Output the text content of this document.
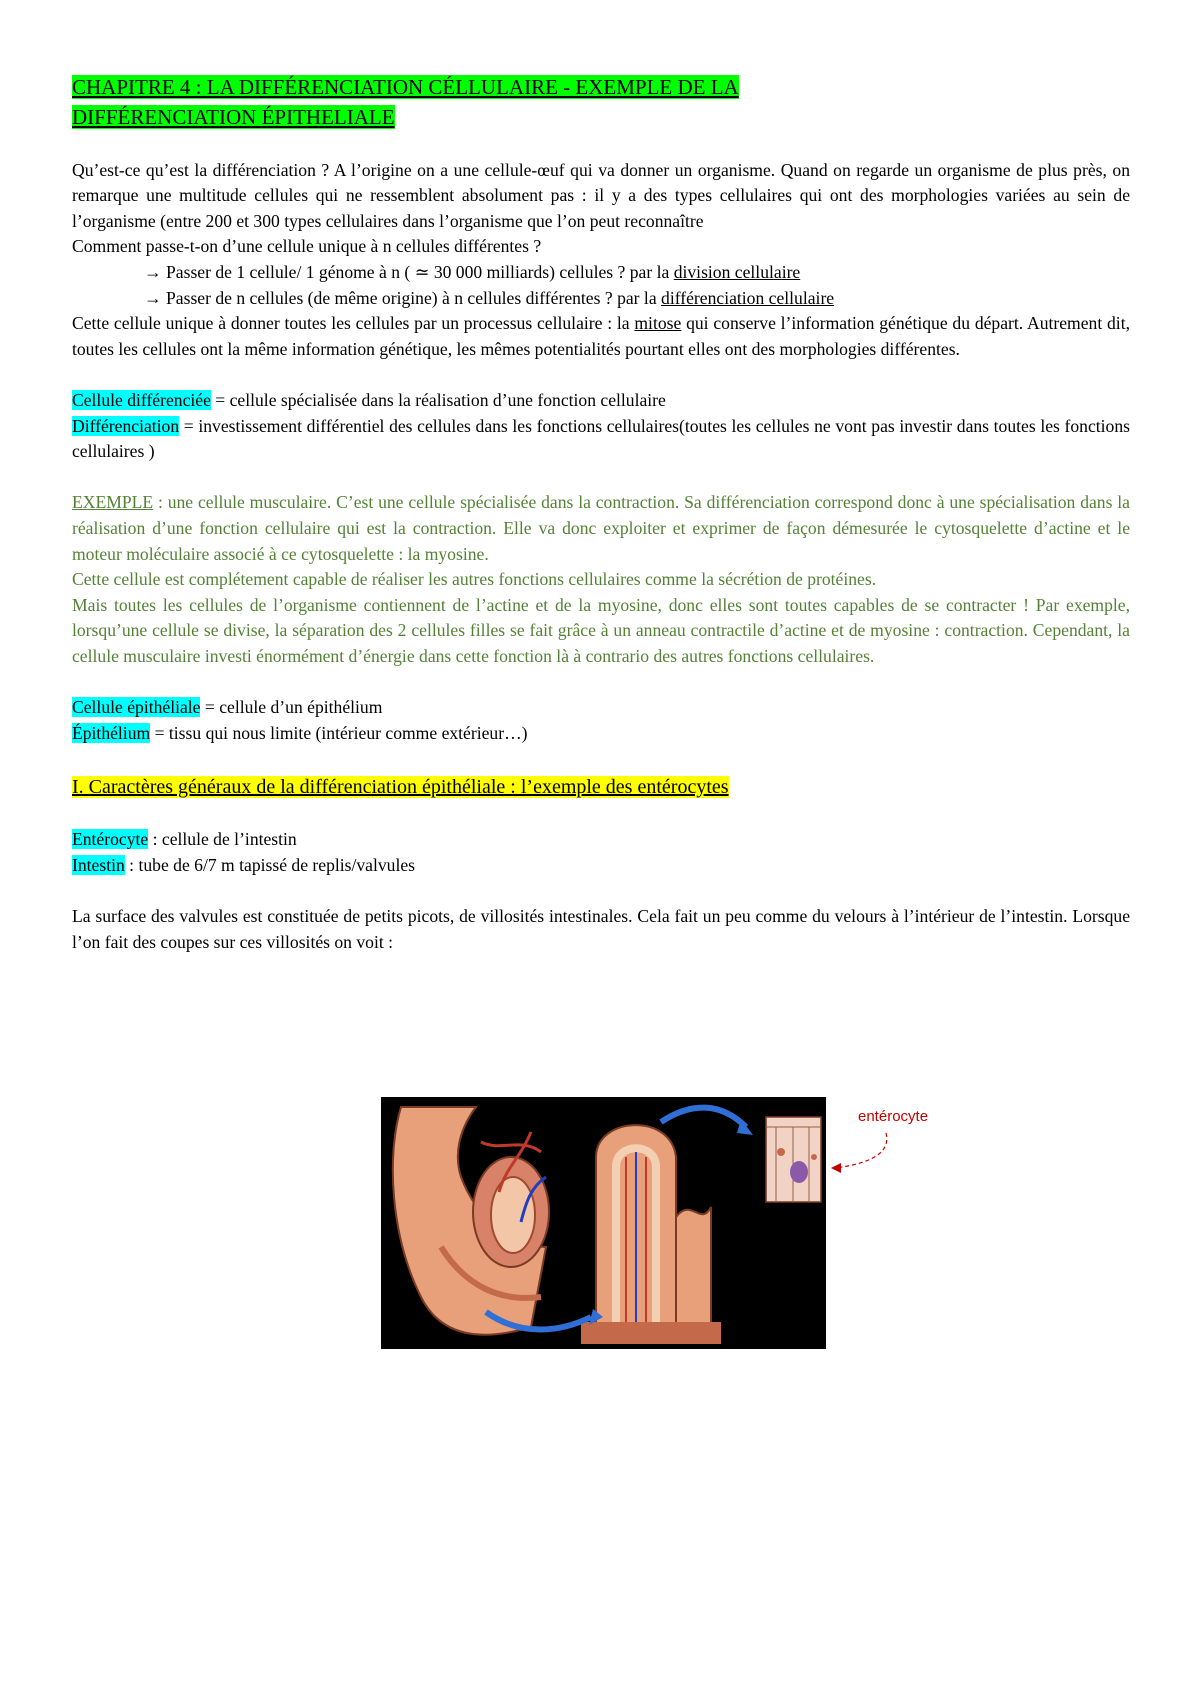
CHAPITRE 4 : LA DIFFÉRENCIATION CÉLLULAIRE - EXEMPLE DE LA
DIFFÉRENCIATION ÉPITHELIALE

Qu’est-ce qu’est la différenciation ? A l’origine on a une cellule-œuf qui va donner un organisme. Quand on regarde un organisme de plus près, on remarque une multitude cellules qui ne ressemblent absolument pas : il y a des types cellulaires qui ont des morphologies variées au sein de l’organisme (entre 200 et 300 types cellulaires dans l’organisme que l’on peut reconnaître

Comment passe-t-on d’une cellule unique à n cellules différentes ?

→ Passer de 1 cellule/ 1 génome à n ( ≃ 30 000 milliards) cellules ? par la division cellulaire

→ Passer de n cellules (de même origine) à n cellules différentes ? par la différenciation cellulaire

Cette cellule unique à donner toutes les cellules par un processus cellulaire : la mitose qui conserve l’information génétique du départ. Autrement dit, toutes les cellules ont la même information génétique, les mêmes potentialités pourtant elles ont des morphologies différentes.

Cellule différenciée = cellule spécialisée dans la réalisation d’une fonction cellulaire

Différenciation = investissement différentiel des cellules dans les fonctions cellulaires(toutes les cellules ne vont pas investir dans toutes les fonctions cellulaires )

EXEMPLE : une cellule musculaire. C’est une cellule spécialisée dans la contraction. Sa différenciation correspond donc à une spécialisation dans la réalisation d’une fonction cellulaire qui est la contraction. Elle va donc exploiter et exprimer de façon démesurée le cytosquelette d’actine et le moteur moléculaire associé à ce cytosquelette : la myosine.

Cette cellule est complétement capable de réaliser les autres fonctions cellulaires comme la sécrétion de protéines.

Mais toutes les cellules de l’organisme contiennent de l’actine et de la myosine, donc elles sont toutes capables de se contracter ! Par exemple, lorsqu’une cellule se divise, la séparation des 2 cellules filles se fait grâce à un anneau contractile d’actine et de myosine : contraction. Cependant, la cellule musculaire investi énormément d’énergie dans cette fonction là à contrario des autres fonctions cellulaires.

Cellule épithéliale = cellule d’un épithélium

Épithélium = tissu qui nous limite (intérieur comme extérieur…)

I. Caractères généraux de la différenciation épithéliale : l’exemple des entérocytes

Entérocyte : cellule de l’intestin

Intestin : tube de 6/7 m tapissé de replis/valvules

La surface des valvules est constituée de petits picots, de villosités intestinales. Cela fait un peu comme du velours à l’intérieur de l’intestin. Lorsque l’on fait des coupes sur ces villosités on voit :

entérocyte
